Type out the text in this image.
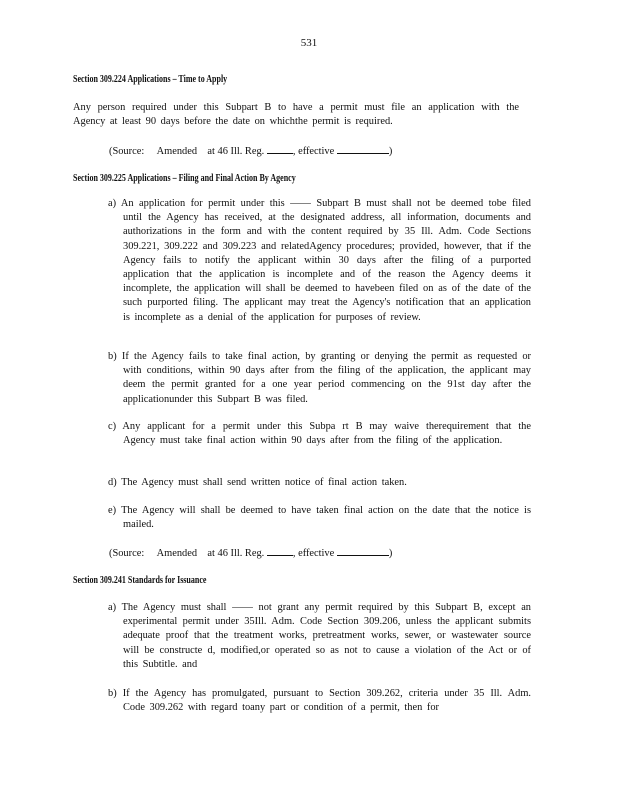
531
Section 309.224 Applications – Time to Apply
Any person required under this Subpart B to have a permit must file an application with the Agency at least 90 days before the date on whichthe permit is required.
(Source: Amended at 46 Ill. Reg.	, effective	)
Section 309.225 Applications – Filing and Final Action By Agency
a) An application for permit under this —— Subpart B must shall not be deemed tobe filed until the Agency has received, at the designated address, all information, documents and authorizations in the form and with the content required by 35 Ill. Adm. Code Sections 309.221, 309.222 and 309.223 and relatedAgency procedures; provided, however, that if the Agency fails to notify the applicant within 30 days after the filing of a purported application that the application is incomplete and of the reason the Agency deems it incomplete, the application will shall be deemed to havebeen filed on as of the date of the such purported filing. The applicant may treat the Agency's notification that an application is incomplete as a denial of the application for purposes of review.
b) If the Agency fails to take final action, by granting or denying the permit as requested or with conditions, within 90 days after from the filing of the application, the applicant may deem the permit granted for a one year period commencing on the 91st day after the applicationunder this Subpart B was filed.
c) Any applicant for a permit under this Subpa rt B may waive therequirement that the Agency must take final action within 90 days after from the filing of the application.
d) The Agency must shall send written notice of final action taken.
e) The Agency will shall be deemed to have taken final action on the date that the notice is mailed.
(Source: Amended at 46 Ill. Reg.	, effective	)
Section 309.241 Standards for Issuance
a) The Agency must shall —— not grant any permit required by this Subpart B, except an experimental permit under 35Ill. Adm. Code Section 309.206, unless the applicant submits adequate proof that the treatment works, pretreatment works, sewer, or wastewater source will be constructe d, modified,or operated so as not to cause a violation of the Act or of this Subtitle. and
b) If the Agency has promulgated, pursuant to Section 309.262, criteria under 35 Ill. Adm. Code 309.262 with regard toany part or condition of a permit, then for
